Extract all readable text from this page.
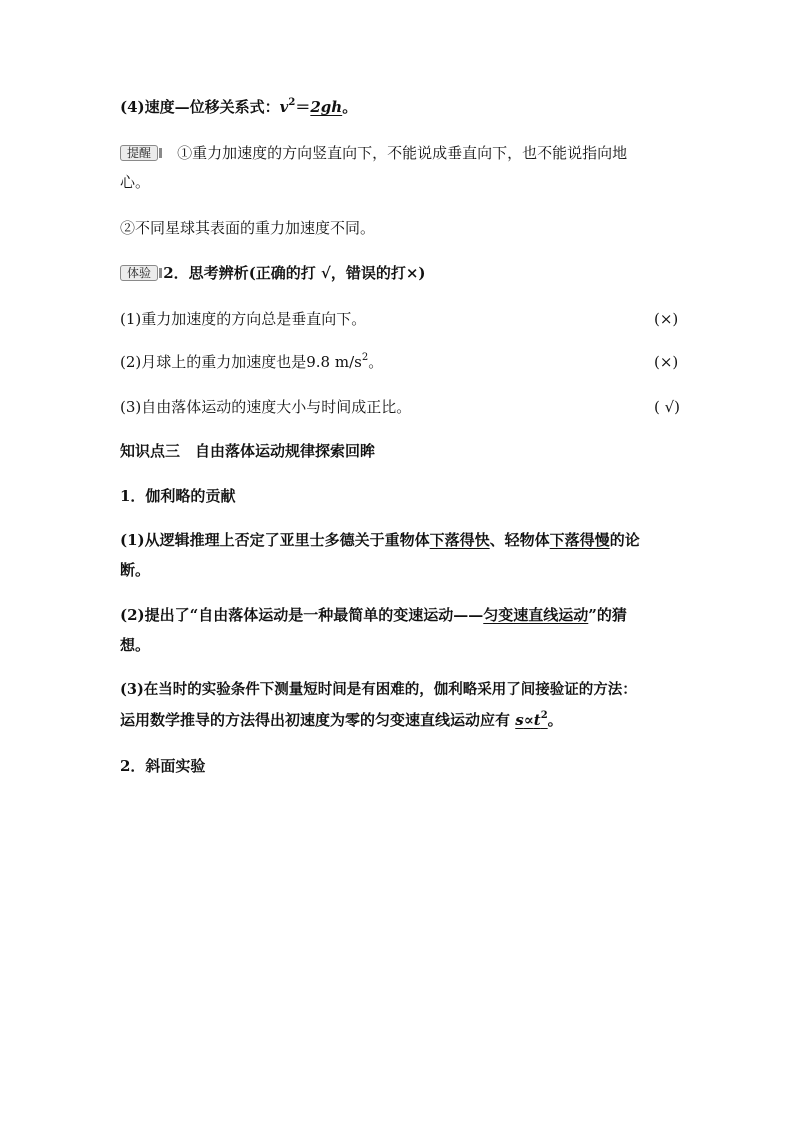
(4)速度—位移关系式：$v^2=2gh$。
提醒 ①重力加速度的方向竖直向下，不能说成垂直向下，也不能说指向地
心。
②不同星球其表面的重力加速度不同。
体验 2．思考辨析(正确的打 √，错误的打×)
(1)重力加速度的方向总是垂直向下。	(×)
(2)月球上的重力加速度也是9.8 $m/s^2$。	(×)
(3)自由落体运动的速度大小与时间成正比。	( √)
知识点三　自由落体运动规律探索回眸
1．伽利略的贡献
(1)从逻辑推理上否定了亚里士多德关于重物体下落得快、轻物体下落得慢的论
断。
(2)提出了“自由落体运动是一种最简单的变速运动——匀变速直线运动”的猜
想。
(3)在当时的实验条件下测量短时间是有困难的，伽利略采用了间接验证的方法：
运用数学推导的方法得出初速度为零的匀变速直线运动应有 $s\propto t^2$。
2．斜面实验
